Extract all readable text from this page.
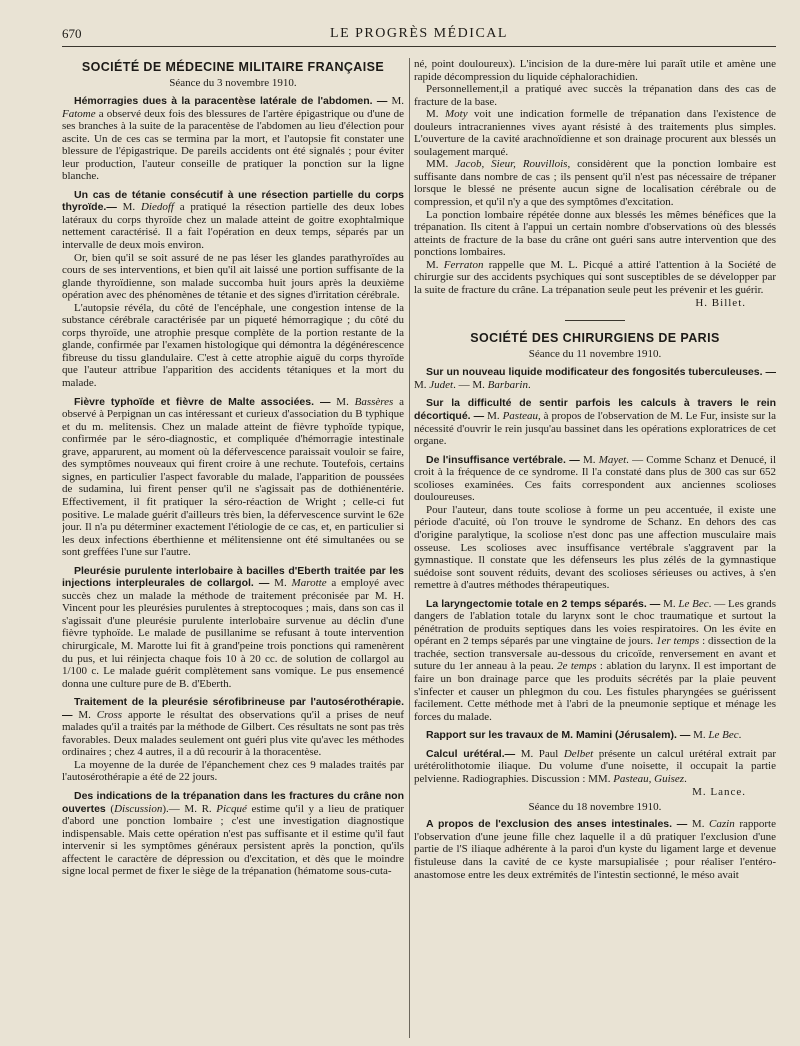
670	LE PROGRÈS MÉDICAL
SOCIÉTÉ DE MÉDECINE MILITAIRE FRANÇAISE
Séance du 3 novembre 1910.

Hémorragies dues à la paracentèse latérale de l'abdomen. — M. Fatome a observé deux fois des blessures de l'artère épigastrique ou d'une de ses branches à la suite de la paracentèse de l'abdomen au lieu d'élection pour ascite. Un de ces cas se termina par la mort, et l'autopsie fit constater une blessure de l'épigastrique. De pareils accidents ont été signalés ; pour éviter leur production, l'auteur conseille de pratiquer la ponction sur la ligne blanche.

Un cas de tétanie consécutif à une résection partielle du corps thyroïde.— M. Diedoff a pratiqué la résection partielle des deux lobes latéraux du corps thyroïde chez un malade atteint de goitre exophtalmique nettement caractérisé. Il a fait l'opération en deux temps, séparés par un intervalle de deux mois environ.

Or, bien qu'il se soit assuré de ne pas léser les glandes parathyroïdes au cours de ses interventions, et bien qu'il ait laissé une portion suffisante de la glande thyroïdienne, son malade succomba huit jours après la deuxième opération avec des phénomènes de tétanie et des signes d'irritation cérébrale.

L'autopsie révéla, du côté de l'encéphale, une congestion intense de la substance cérébrale caractérisée par un piqueté hémorragique ; du côté du corps thyroïde, une atrophie presque complète de la portion restante de la glande, confirmée par l'examen histologique qui démontra la dégénérescence fibreuse du tissu glandulaire. C'est à cette atrophie aiguë du corps thyroïde que l'auteur attribue l'apparition des accidents tétaniques et la mort du malade.

Fièvre typhoïde et fièvre de Malte associées. — M. Bassères a observé à Perpignan un cas intéressant et curieux d'association du B typhique et du m. melitensis. Chez un malade atteint de fièvre typhoïde typique, confirmée par le séro-diagnostic, et compliquée d'hémorragie intestinale grave, apparurent, au moment où la défervescence paraissait vouloir se faire, des symptômes nouveaux qui firent croire à une rechute. Toutefois, certains signes, en particulier l'aspect favorable du malade, l'apparition de poussées de sudamina, lui firent penser qu'il ne s'agissait pas de dothiénentérie. Effectivement, il fit pratiquer la séro-réaction de Wright ; celle-ci fut positive. Le malade guérit d'ailleurs très bien, la défervescence survint le 62e jour. Il n'a pu déterminer exactement l'étiologie de ce cas, et, en particulier si les deux infections éberthienne et mélitensienne ont été simultanées ou se sont greffées l'une sur l'autre.

Pleurésie purulente interlobaire à bacilles d'Eberth traitée par les injections interpleurales de collargol. — M. Marotte a employé avec succès chez un malade la méthode de traitement préconisée par M. H. Vincent pour les pleurésies purulentes à streptocoques ; mais, dans son cas il s'agissait d'une pleurésie purulente interlobaire survenue au déclin d'une fièvre typhoïde. Le malade de pusillanime se refusant à toute intervention chirurgicale, M. Marotte lui fit à grand'peine trois ponctions qui ramenèrent du pus, et lui réinjecta chaque fois 10 à 20 cc. de solution de collargol au 1/100 c. Le malade guérit complètement sans vomique. Le pus ensemencé donna une culture pure de B. d'Eberth.

Traitement de la pleurésie sérofibrineuse par l'autosérothérapie. — M. Cross apporte le résultat des observations qu'il a prises de neuf malades qu'il a traités par la méthode de Gilbert. Ces résultats ne sont pas très favorables. Deux malades seulement ont guéri plus vite qu'avec les méthodes ordinaires ; chez 4 autres, il a dû recourir à la thoracentèse.

La moyenne de la durée de l'épanchement chez ces 9 malades traités par l'autosérothérapie a été de 22 jours.

Des indications de la trépanation dans les fractures du crâne non ouvertes (Discussion).— M. R. Picqué estime qu'il y a lieu de pratiquer d'abord une ponction lombaire ; c'est une investigation diagnostique indispensable. Mais cette opération n'est pas suffisante et il estime qu'il faut intervenir si les symptômes généraux persistent après la ponction, qu'ils affectent le caractère de dépression ou d'excitation, et dès que le moindre signe local permet de fixer le siège de la trépanation (hématome sous-cuta-

né, point douloureux). L'incision de la dure-mère lui paraît utile et amène une rapide décompression du liquide céphalorachidien.

Personnellement,il a pratiqué avec succès la trépanation dans des cas de fracture de la base.

M. Moty voit une indication formelle de trépanation dans l'existence de douleurs intracraniennes vives ayant résisté à des traitements plus simples. L'ouverture de la cavité arachnoïdienne et son drainage procurent aux blessés un soulagement marqué.

MM. Jacob, Sieur, Rouvillois, considèrent que la ponction lombaire est suffisante dans nombre de cas ; ils pensent qu'il n'est pas nécessaire de trépaner lorsque le blessé ne présente aucun signe de localisation cérébrale ou de compression, et qu'il n'y a que des symptômes d'excitation.

La ponction lombaire répétée donne aux blessés les mêmes bénéfices que la trépanation. Ils citent à l'appui un certain nombre d'observations où des blessés atteints de fracture de la base du crâne ont guéri sans autre intervention que des ponctions lombaires.

M. Ferraton rappelle que M. L. Picqué a attiré l'attention à la Société de chirurgie sur des accidents psychiques qui sont susceptibles de se développer par la suite de fracture du crâne. La trépanation seule peut les prévenir et les guérir.

H. Billet.
SOCIÉTÉ DES CHIRURGIENS DE PARIS
Séance du 11 novembre 1910.

Sur un nouveau liquide modificateur des fongosités tuberculeuses. — M. Judet. — M. Barbarin.

Sur la difficulté de sentir parfois les calculs à travers le rein décortiqué. — M. Pasteau, à propos de l'observation de M. Le Fur, insiste sur la nécessité d'ouvrir le rein jusqu'au bassinet dans les opérations exploratrices de cet organe.

De l'insuffisance vertébrale. — M. Mayet. — Comme Schanz et Denucé, il croit à la fréquence de ce syndrome. Il l'a constaté dans plus de 300 cas sur 652 scolioses examinées. Ces faits correspondent aux anciennes scolioses douloureuses.

Pour l'auteur, dans toute scoliose à forme un peu accentuée, il existe une période d'acuité, où l'on trouve le syndrome de Schanz. En dehors des cas d'origine paralytique, la scoliose n'est donc pas une affection musculaire mais osseuse. Les scolioses avec insuffisance vertébrale s'aggravent par la gymnastique. Il constate que les défenseurs les plus zélés de la gymnastique suédoise sont souvent réduits, devant des scolioses sérieuses ou actives, à s'en remettre à d'autres méthodes thérapeutiques.

La laryngectomie totale en 2 temps séparés. — M. Le Bec. — Les grands dangers de l'ablation totale du larynx sont le choc traumatique et surtout la pénétration de produits septiques dans les voies respiratoires. On les évite en opérant en 2 temps séparés par une vingtaine de jours. 1er temps : dissection de la trachée, section transversale au-dessous du cricoïde, renversement en avant et suture du 1er anneau à la peau. 2e temps : ablation du larynx. Il est important de faire un bon drainage parce que les produits sécrétés par la plaie peuvent s'infecter et causer un phlegmon du cou. Les fistules pharyngées se guérissent facilement. Cette méthode met à l'abri de la pneumonie septique et ménage les forces du malade.

Rapport sur les travaux de M. Mamini (Jérusalem). — M. Le Bec.

Calcul urétéral.— M. Paul Delbet présente un calcul urétéral extrait par urétérolithotomie iliaque. Du volume d'une noisette, il occupait la partie pelvienne. Radiographies. Discussion : MM. Pasteau, Guisez.

M. Lance.
Séance du 18 novembre 1910.

A propos de l'exclusion des anses intestinales. — M. Cazin rapporte l'observation d'une jeune fille chez laquelle il a dû pratiquer l'exclusion d'une partie de l'S iliaque adhérente à la paroi d'un kyste du ligament large et devenue fistuleuse dans la cavité de ce kyste marsupialisée ; pour réaliser l'entéro-anastomose entre les deux extrémités de l'intestin sectionné, le méso avait
